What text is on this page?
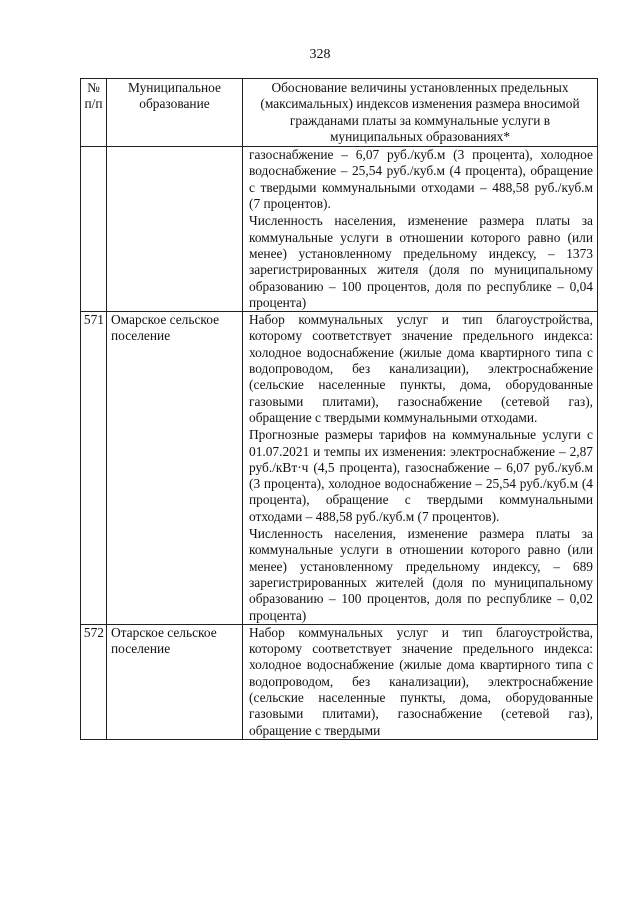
328
№ п/п	Муниципальное образование	Обоснование величины установленных предельных (максимальных) индексов изменения размера вносимой гражданами платы за коммунальные услуги в муниципальных образованиях*

		газоснабжение – 6,07 руб./куб.м (3 процента), холодное водоснабжение – 25,54 руб./куб.м (4 процента), обращение с твердыми коммунальными отходами – 488,58 руб./куб.м (7 процентов).

Численность населения, изменение размера платы за коммунальные услуги в отношении которого равно (или менее) установленному предельному индексу, – 1373 зарегистрированных жителя (доля по муниципальному образованию – 100 процентов, доля по республике – 0,04 процента)

571	Омарское сельское поселение	Набор коммунальных услуг и тип благоустройства, которому соответствует значение предельного индекса: холодное водоснабжение (жилые дома квартирного типа с водопроводом, без канализации), электроснабжение (сельские населенные пункты, дома, оборудованные газовыми плитами), газоснабжение (сетевой газ), обращение с твердыми коммунальными отходами.

Прогнозные размеры тарифов на коммунальные услуги с 01.07.2021 и темпы их изменения: электроснабжение – 2,87 руб./кВт·ч (4,5 процента), газоснабжение – 6,07 руб./куб.м (3 процента), холодное водоснабжение – 25,54 руб./куб.м (4 процента), обращение с твердыми коммунальными отходами – 488,58 руб./куб.м (7 процентов).

Численность населения, изменение размера платы за коммунальные услуги в отношении которого равно (или менее) установленному предельному индексу, – 689 зарегистрированных жителей (доля по муниципальному образованию – 100 процентов, доля по республике – 0,02 процента)

572	Отарское сельское поселение	Набор коммунальных услуг и тип благоустройства, которому соответствует значение предельного индекса: холодное водоснабжение (жилые дома квартирного типа с водопроводом, без канализации), электроснабжение (сельские населенные пункты, дома, оборудованные газовыми плитами), газоснабжение (сетевой газ), обращение с твердыми
